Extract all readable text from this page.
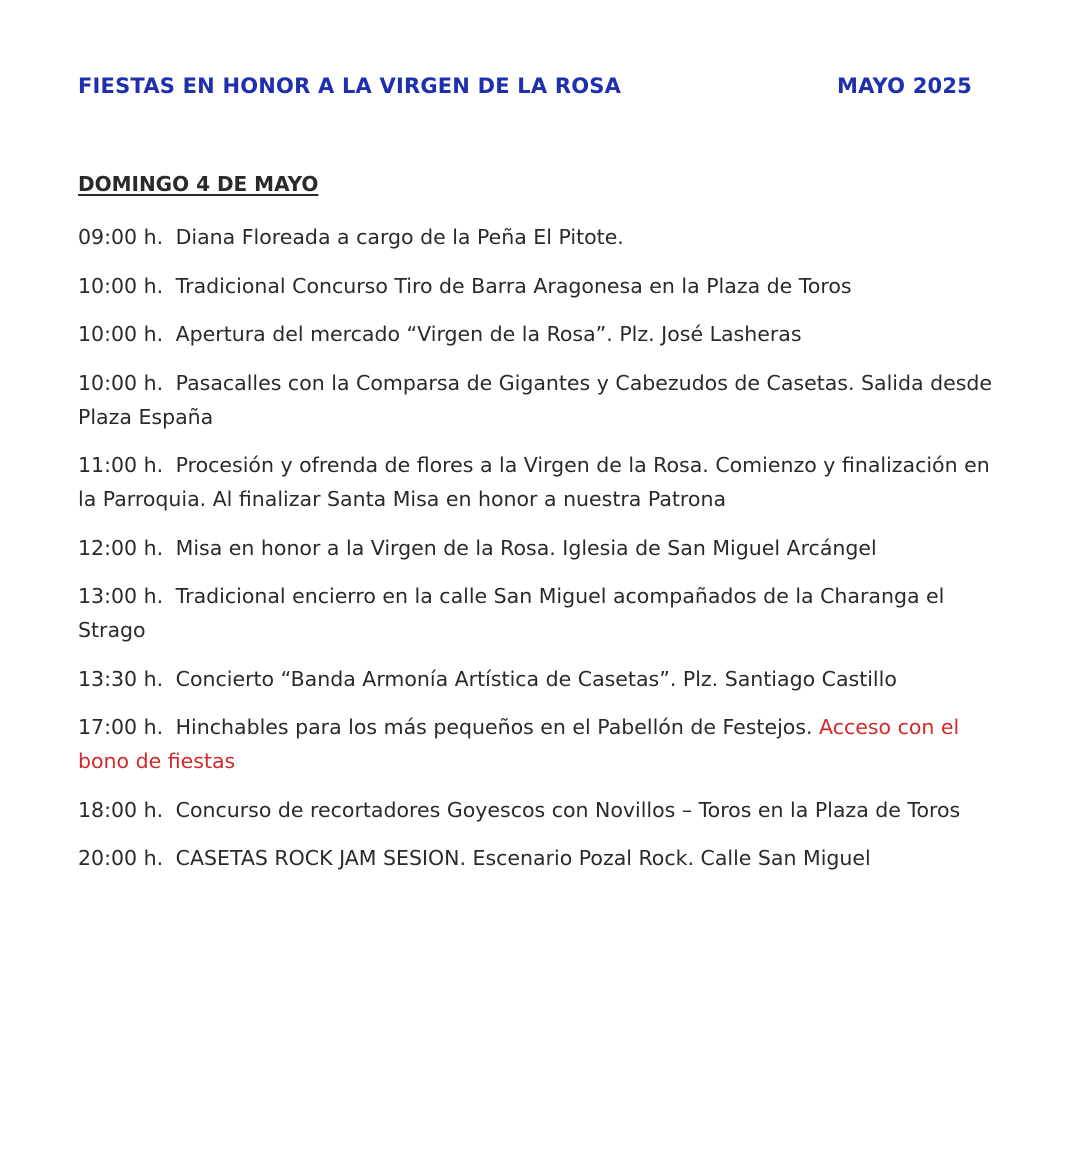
FIESTAS EN HONOR A LA VIRGEN DE LA ROSA	MAYO 2025
DOMINGO 4 DE MAYO

09:00 h. Diana Floreada a cargo de la Peña El Pitote.

10:00 h. Tradicional Concurso Tiro de Barra Aragonesa en la Plaza de Toros

10:00 h. Apertura del mercado “Virgen de la Rosa”. Plz. José Lasheras

10:00 h. Pasacalles con la Comparsa de Gigantes y Cabezudos de Casetas. Salida desde Plaza España

11:00 h. Procesión y ofrenda de flores a la Virgen de la Rosa. Comienzo y finalización en la Parroquia. Al finalizar Santa Misa en honor a nuestra Patrona

12:00 h. Misa en honor a la Virgen de la Rosa. Iglesia de San Miguel Arcángel

13:00 h. Tradicional encierro en la calle San Miguel acompañados de la Charanga el Strago

13:30 h. Concierto “Banda Armonía Artística de Casetas”. Plz. Santiago Castillo

17:00 h. Hinchables para los más pequeños en el Pabellón de Festejos. Acceso con el bono de fiestas

18:00 h. Concurso de recortadores Goyescos con Novillos – Toros en la Plaza de Toros

20:00 h. CASETAS ROCK JAM SESION. Escenario Pozal Rock. Calle San Miguel
